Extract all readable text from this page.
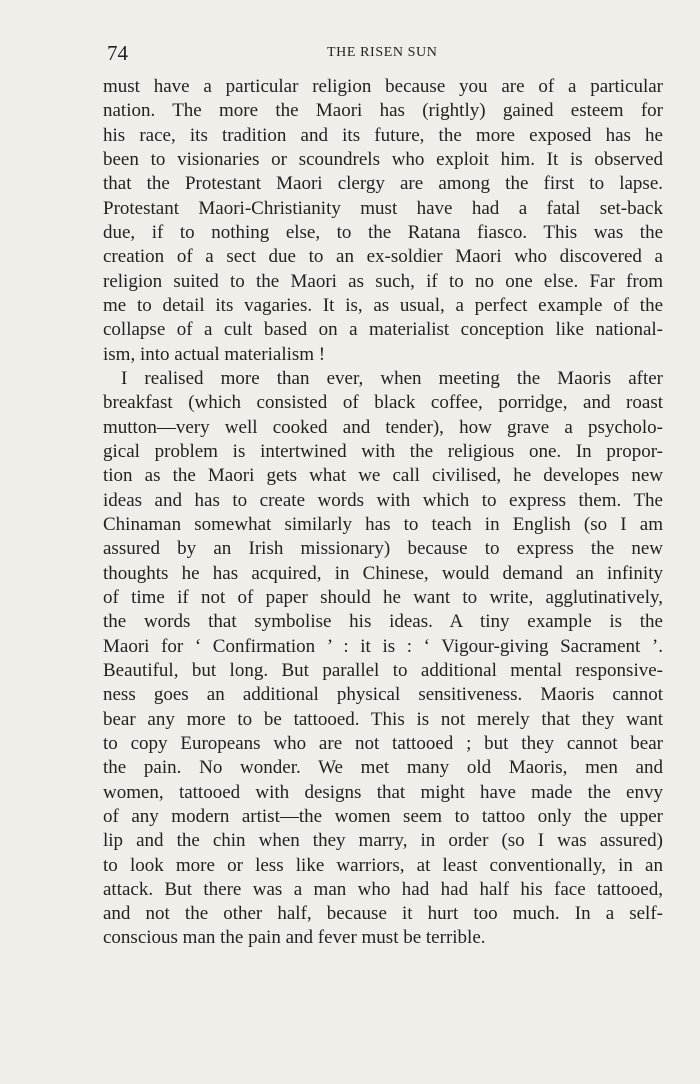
74	THE RISEN SUN
must have a particular religion because you are of a particular
nation. The more the Maori has (rightly) gained esteem for
his race, its tradition and its future, the more exposed has he
been to visionaries or scoundrels who exploit him. It is observed
that the Protestant Maori clergy are among the first to lapse.
Protestant Maori-Christianity must have had a fatal set-back
due, if to nothing else, to the Ratana fiasco. This was the
creation of a sect due to an ex-soldier Maori who discovered a
religion suited to the Maori as such, if to no one else. Far from
me to detail its vagaries. It is, as usual, a perfect example of the
collapse of a cult based on a materialist conception like national-
ism, into actual materialism !
I realised more than ever, when meeting the Maoris after
breakfast (which consisted of black coffee, porridge, and roast
mutton—very well cooked and tender), how grave a psycholo-
gical problem is intertwined with the religious one. In propor-
tion as the Maori gets what we call civilised, he developes new
ideas and has to create words with which to express them. The
Chinaman somewhat similarly has to teach in English (so I am
assured by an Irish missionary) because to express the new
thoughts he has acquired, in Chinese, would demand an infinity
of time if not of paper should he want to write, agglutinatively,
the words that symbolise his ideas. A tiny example is the
Maori for ‘ Confirmation ’ : it is : ‘ Vigour-giving Sacrament ’.
Beautiful, but long. But parallel to additional mental responsive-
ness goes an additional physical sensitiveness. Maoris cannot
bear any more to be tattooed. This is not merely that they want
to copy Europeans who are not tattooed ; but they cannot bear
the pain. No wonder. We met many old Maoris, men and
women, tattooed with designs that might have made the envy
of any modern artist—the women seem to tattoo only the upper
lip and the chin when they marry, in order (so I was assured)
to look more or less like warriors, at least conventionally, in an
attack. But there was a man who had had half his face tattooed,
and not the other half, because it hurt too much. In a self-
conscious man the pain and fever must be terrible.
